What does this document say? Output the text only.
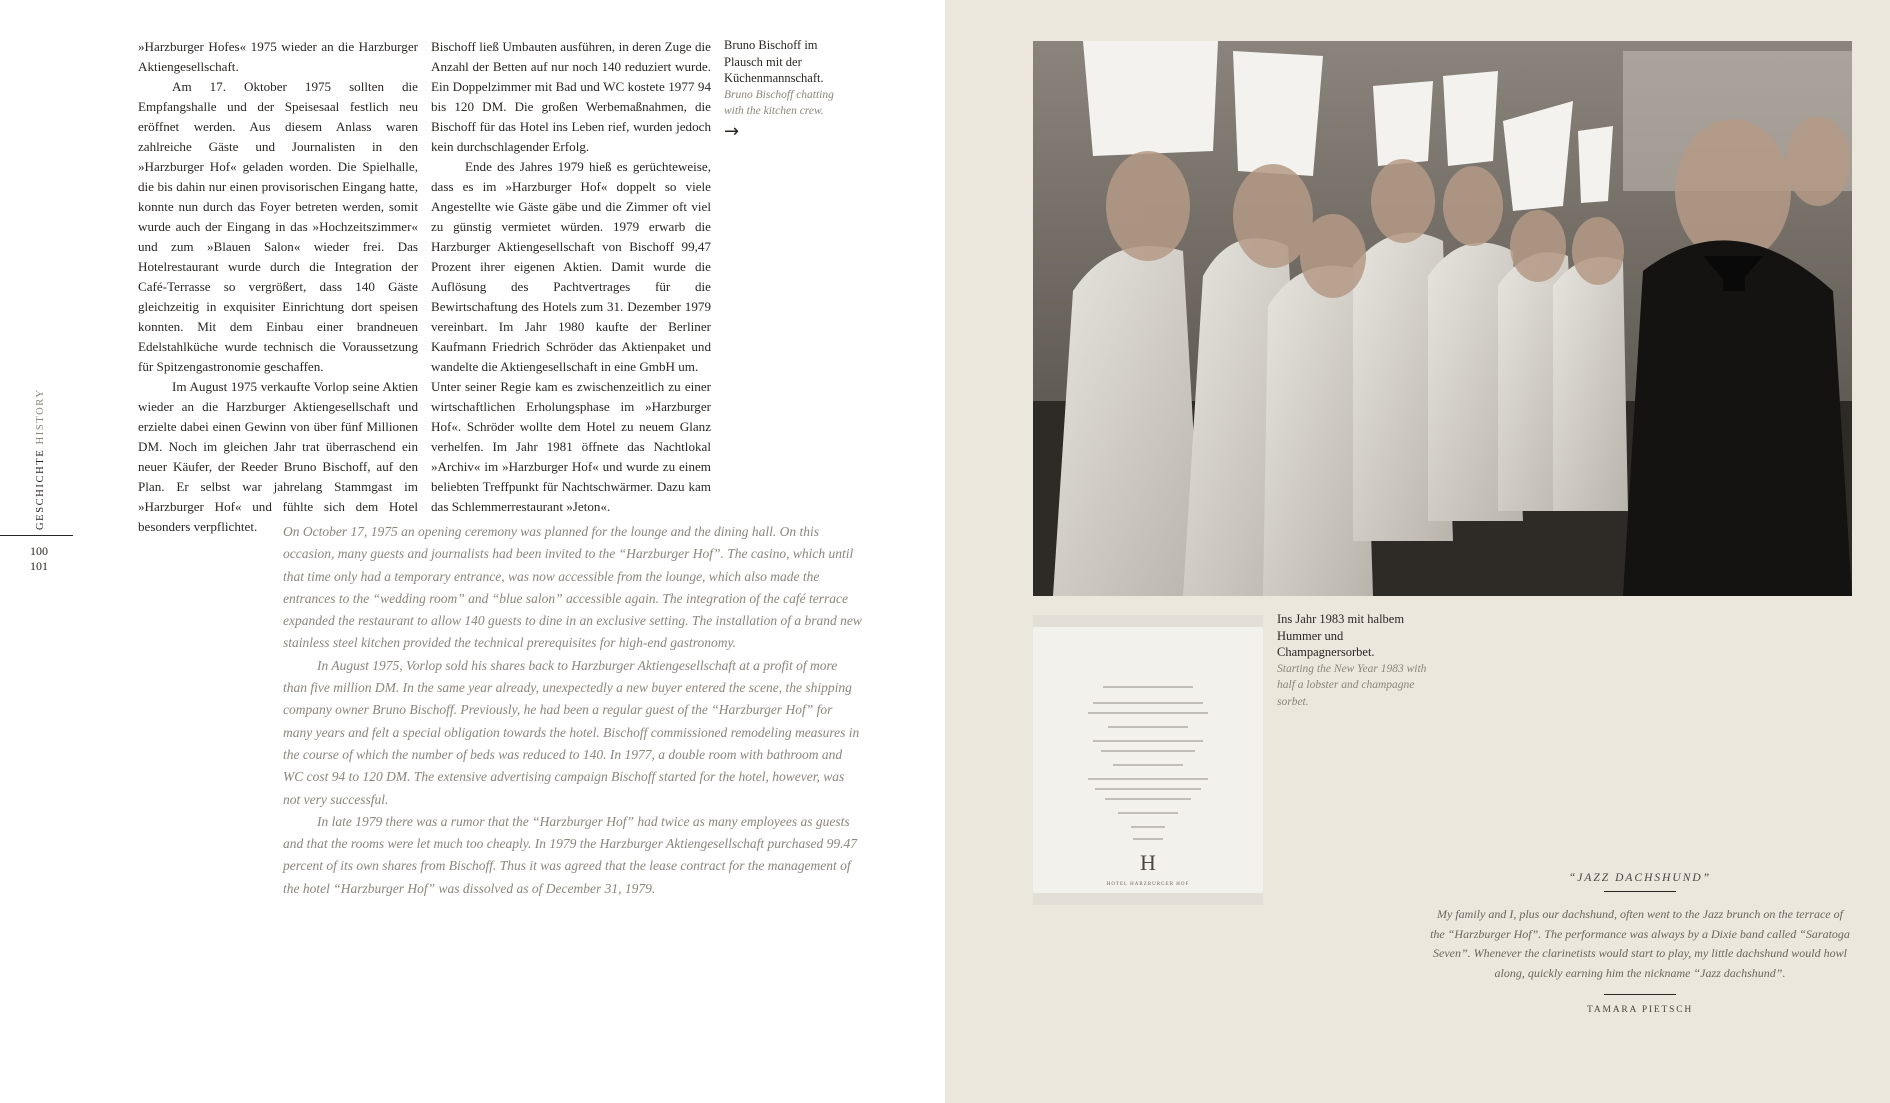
»Harzburger Hofes« 1975 wieder an die Harzburger Aktiengesellschaft.

Am 17. Oktober 1975 sollten die Empfangshalle und der Speisesaal festlich neu eröffnet werden. Aus diesem Anlass waren zahlreiche Gäste und Journalisten in den »Harzburger Hof« geladen worden. Die Spielhalle, die bis dahin nur einen provisorischen Eingang hatte, konnte nun durch das Foyer betreten werden, somit wurde auch der Eingang in das »Hochzeitszimmer« und zum »Blauen Salon« wieder frei. Das Hotelrestaurant wurde durch die Integration der Café-Terrasse so vergrößert, dass 140 Gäste gleichzeitig in exquisiter Einrichtung dort speisen konnten. Mit dem Einbau einer brandneuen Edelstahlküche wurde technisch die Voraussetzung für Spitzengastronomie geschaffen.

Im August 1975 verkaufte Vorlop seine Aktien wieder an die Harzburger Aktiengesellschaft und erzielte dabei einen Gewinn von über fünf Millionen DM. Noch im gleichen Jahr trat überraschend ein neuer Käufer, der Reeder Bruno Bischoff, auf den Plan. Er selbst war jahrelang Stammgast im »Harzburger Hof« und fühlte sich dem Hotel besonders verpflichtet.

Bischoff ließ Umbauten ausführen, in deren Zuge die Anzahl der Betten auf nur noch 140 reduziert wurde. Ein Doppelzimmer mit Bad und WC kostete 1977 94 bis 120 DM. Die großen Werbemaßnahmen, die Bischoff für das Hotel ins Leben rief, wurden jedoch kein durchschlagender Erfolg.

Ende des Jahres 1979 hieß es gerüchteweise, dass es im »Harzburger Hof« doppelt so viele Angestellte wie Gäste gäbe und die Zimmer oft viel zu günstig vermietet würden. 1979 erwarb die Harzburger Aktiengesellschaft von Bischoff 99,47 Prozent ihrer eigenen Aktien. Damit wurde die Auflösung des Pachtvertrages für die Bewirtschaftung des Hotels zum 31. Dezember 1979 vereinbart. Im Jahr 1980 kaufte der Berliner Kaufmann Friedrich Schröder das Aktienpaket und wandelte die Aktiengesellschaft in eine GmbH um.

Unter seiner Regie kam es zwischenzeitlich zu einer wirtschaftlichen Erholungsphase im »Harzburger Hof«. Schröder wollte dem Hotel zu neuem Glanz verhelfen. Im Jahr 1981 öffnete das Nachtlokal »Archiv« im »Harzburger Hof« und wurde zu einem beliebten Treffpunkt für Nachtschwärmer. Dazu kam das Schlemmerrestaurant »Jeton«.

Bruno Bischoff im Plausch mit der Küchenmannschaft.
Bruno Bischoff chatting with the kitchen crew.
→
GESCHICHTE HISTORY
100
101

On October 17, 1975 an opening ceremony was planned for the lounge and the dining hall. On this occasion, many guests and journalists had been invited to the “Harzburger Hof”. The casino, which until that time only had a temporary entrance, was now accessible from the lounge, which also made the entrances to the “wedding room” and “blue salon” accessible again. The integration of the café terrace expanded the restaurant to allow 140 guests to dine in an exclusive setting. The installation of a brand new stainless steel kitchen provided the technical prerequisites for high-end gastronomy.

In August 1975, Vorlop sold his shares back to Harzburger Aktiengesellschaft at a profit of more than five million DM. In the same year already, unexpectedly a new buyer entered the scene, the shipping company owner Bruno Bischoff. Previously, he had been a regular guest of the “Harzburger Hof” for many years and felt a special obligation towards the hotel. Bischoff commissioned remodeling measures in the course of which the number of beds was reduced to 140. In 1977, a double room with bathroom and WC cost 94 to 120 DM. The extensive advertising campaign Bischoff started for the hotel, however, was not very successful.

In late 1979 there was a rumor that the “Harzburger Hof” had twice as many employees as guests and that the rooms were let much too cheaply. In 1979 the Harzburger Aktiengesellschaft purchased 99.47 percent of its own shares from Bischoff. Thus it was agreed that the lease contract for the management of the hotel “Harzburger Hof” was dissolved as of December 31, 1979.

H
HOTEL HARZBURGER HOF
Ins Jahr 1983 mit halbem Hummer und Champagnersorbet.
Starting the New Year 1983 with half a lobster and champagne sorbet.
“JAZZ DACHSHUND”
My family and I, plus our dachshund, often went to the Jazz brunch on the terrace of the “Harzburger Hof”. The performance was always by a Dixie band called “Saratoga Seven”. Whenever the clarinetists would start to play, my little dachshund would howl along, quickly earning him the nickname “Jazz dachshund”.
TAMARA PIETSCH
